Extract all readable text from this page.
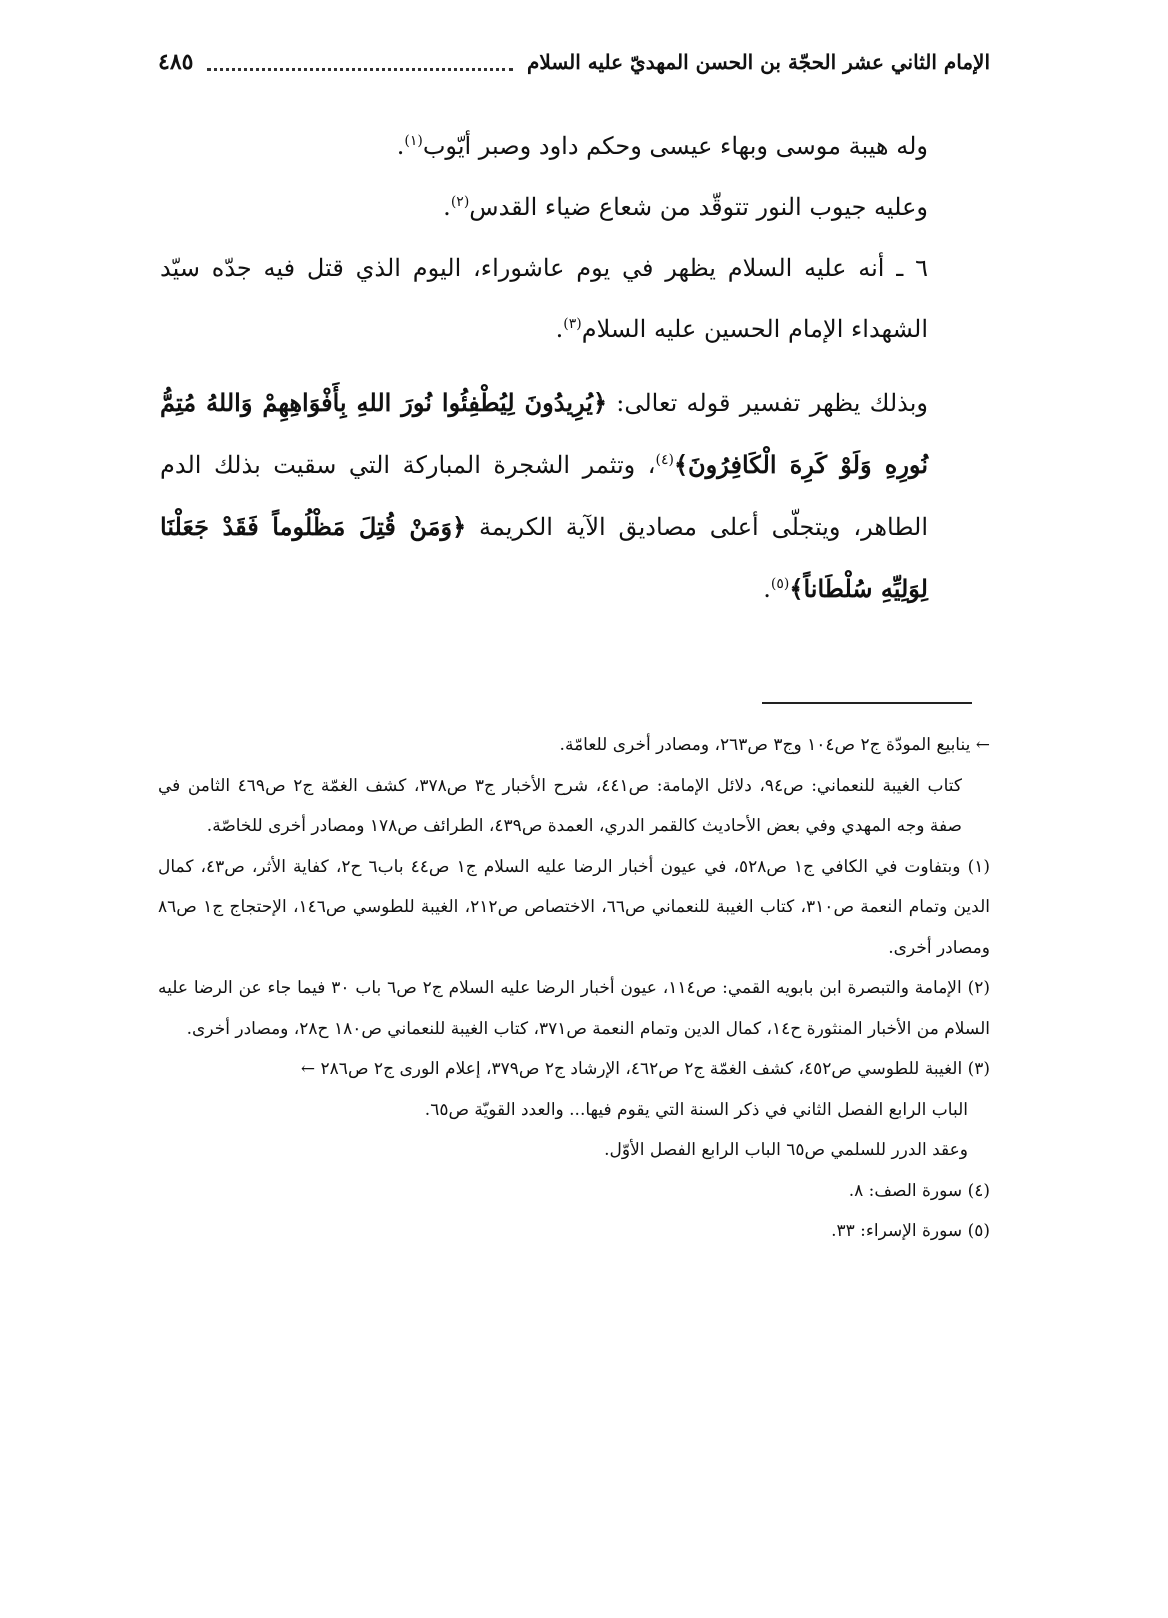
الإمام الثاني عشر الحجّة بن الحسن المهديّ عليه السلام
٤٨٥

وله هيبة موسى وبهاء عيسى وحكم داود وصبر أيّوب$^{(١)}$.

وعليه جيوب النور تتوقّد من شعاع ضياء القدس$^{(٢)}$.

٦ ـ أنه عليه السلام يظهر في يوم عاشوراء، اليوم الذي قتل فيه جدّه سيّد الشهداء الإمام الحسين عليه السلام$^{(٣)}$.

وبذلك يظهر تفسير قوله تعالى: ﴿يُرِيدُونَ لِيُطْفِئُوا نُورَ اللهِ بِأَفْوَاهِهِمْ وَاللهُ مُتِمُّ نُورِهِ وَلَوْ كَرِهَ الْكَافِرُونَ﴾$^{(٤)}$، وتثمر الشجرة المباركة التي سقيت بذلك الدم الطاهر، ويتجلّى أعلى مصاديق الآية الكريمة ﴿وَمَنْ قُتِلَ مَظْلُوماً فَقَدْ جَعَلْنَا لِوَلِيِّهِ سُلْطَاناً﴾$^{(٥)}$.

← ينابيع المودّة ج٢ ص١٠٤ وج٣ ص٢٦٣، ومصادر أخرى للعامّة.

كتاب الغيبة للنعماني: ص٩٤، دلائل الإمامة: ص٤٤١، شرح الأخبار ج٣ ص٣٧٨، كشف الغمّة ج٢ ص٤٦٩ الثامن في صفة وجه المهدي وفي بعض الأحاديث كالقمر الدري، العمدة ص٤٣٩، الطرائف ص١٧٨ ومصادر أخرى للخاصّة.

(١) وبتفاوت في الكافي ج١ ص٥٢٨، في عيون أخبار الرضا عليه السلام ج١ ص٤٤ باب٦ ح٢، كفاية الأثر، ص٤٣، كمال الدين وتمام النعمة ص٣١٠، كتاب الغيبة للنعماني ص٦٦، الاختصاص ص٢١٢، الغيبة للطوسي ص١٤٦، الإحتجاج ج١ ص٨٦ ومصادر أخرى.

(٢) الإمامة والتبصرة ابن بابويه القمي: ص١١٤، عيون أخبار الرضا عليه السلام ج٢ ص٦ باب ٣٠ فيما جاء عن الرضا عليه السلام من الأخبار المنثورة ح١٤، كمال الدين وتمام النعمة ص٣٧١، كتاب الغيبة للنعماني ص١٨٠ ح٢٨، ومصادر أخرى.

(٣) الغيبة للطوسي ص٤٥٢، كشف الغمّة ج٢ ص٤٦٢، الإرشاد ج٢ ص٣٧٩، إعلام الورى ج٢ ص٢٨٦ ←

الباب الرابع الفصل الثاني في ذكر السنة التي يقوم فيها... والعدد القويّة ص٦٥.

وعقد الدرر للسلمي ص٦٥ الباب الرابع الفصل الأوّل.

(٤) سورة الصف: ٨.

(٥) سورة الإسراء: ٣٣.
